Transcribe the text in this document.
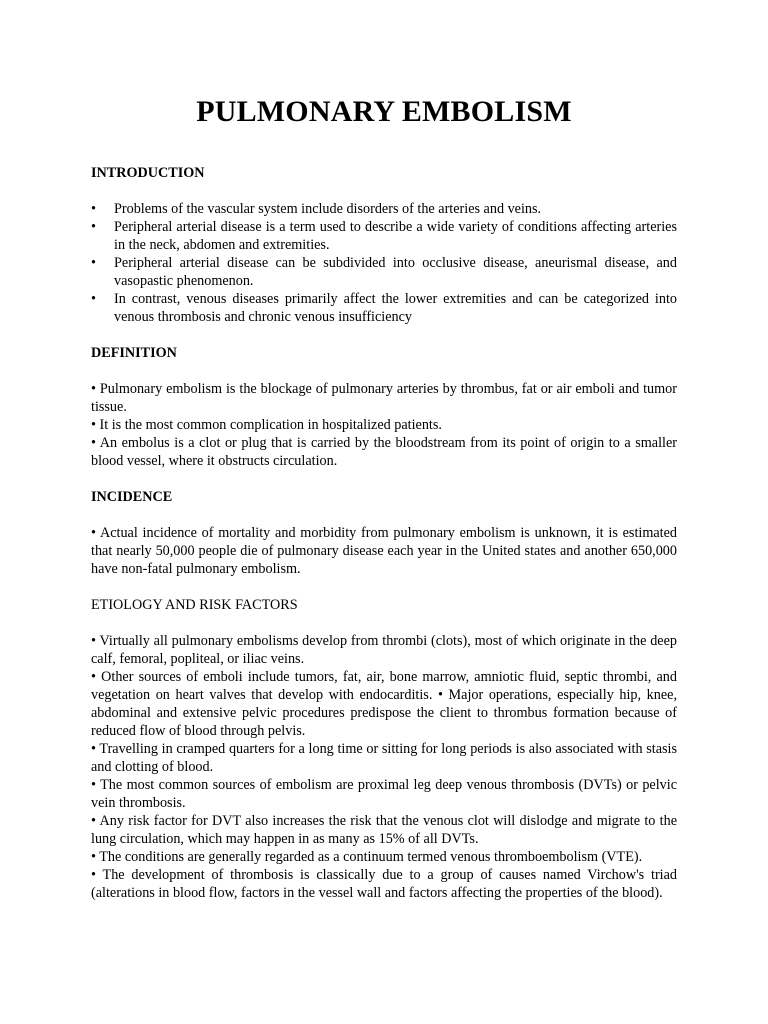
PULMONARY EMBOLISM
INTRODUCTION
•	Problems of the vascular system include disorders of the arteries and veins.
•	Peripheral arterial disease is a term used to describe a wide variety of conditions affecting arteries in the neck, abdomen and extremities.
•	Peripheral arterial disease can be subdivided into occlusive disease, aneurismal disease, and vasopastic phenomenon.
•	In contrast, venous diseases primarily affect the lower extremities and can be categorized into venous thrombosis and chronic venous insufficiency
DEFINITION

• Pulmonary embolism is the blockage of pulmonary arteries by thrombus, fat or air emboli and tumor tissue.

• It is the most common complication in hospitalized patients.

• An embolus is a clot or plug that is carried by the bloodstream from its point of origin to a smaller blood vessel, where it obstructs circulation.

INCIDENCE

• Actual incidence of mortality and morbidity from pulmonary embolism is unknown, it is estimated that nearly 50,000 people die of pulmonary disease each year in the United states and another 650,000 have non-fatal pulmonary embolism.

ETIOLOGY AND RISK FACTORS

• Virtually all pulmonary embolisms develop from thrombi (clots), most of which originate in the deep calf, femoral, popliteal, or iliac veins.

• Other sources of emboli include tumors, fat, air, bone marrow, amniotic fluid, septic thrombi, and vegetation on heart valves that develop with endocarditis. • Major operations, especially hip, knee, abdominal and extensive pelvic procedures predispose the client to thrombus formation because of reduced flow of blood through pelvis.

• Travelling in cramped quarters for a long time or sitting for long periods is also associated with stasis and clotting of blood.

• The most common sources of embolism are proximal leg deep venous thrombosis (DVTs) or pelvic vein thrombosis.

• Any risk factor for DVT also increases the risk that the venous clot will dislodge and migrate to the lung circulation, which may happen in as many as 15% of all DVTs.

• The conditions are generally regarded as a continuum termed venous thromboembolism (VTE).

• The development of thrombosis is classically due to a group of causes named Virchow's triad (alterations in blood flow, factors in the vessel wall and factors affecting the properties of the blood).
